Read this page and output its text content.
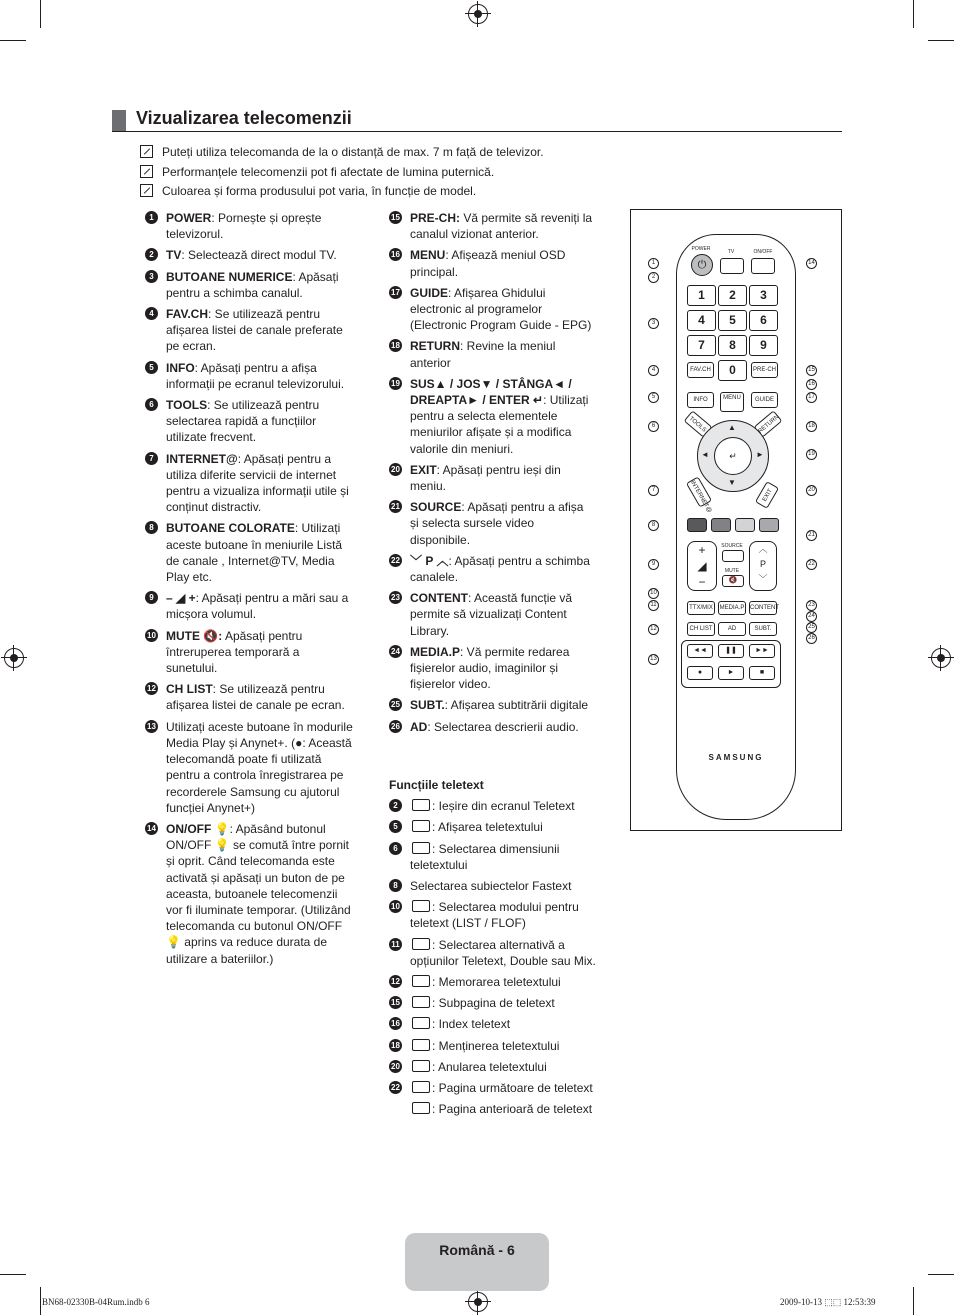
Vizualizarea telecomenzii
Puteți utiliza telecomanda de la o distanță de max. 7 m față de televizor.
Performanțele telecomenzii pot fi afectate de lumina puternică.
Culoarea și forma produsului pot varia, în funcție de model.
1	POWER: Pornește și oprește televizorul.
2	TV: Selectează direct modul TV.
3	BUTOANE NUMERICE: Apăsați pentru a schimba canalul.
4	FAV.CH: Se utilizează pentru afișarea listei de canale preferate pe ecran.
5	INFO: Apăsați pentru a afișa informații pe ecranul televizorului.
6	TOOLS: Se utilizează pentru selectarea rapidă a funcțiilor utilizate frecvent.
7	INTERNET@: Apăsați pentru a utiliza diferite servicii de internet pentru a vizualiza informații utile și conținut distractiv.
8	BUTOANE COLORATE: Utilizați aceste butoane în meniurile Listă de canale , Internet@TV, Media Play etc.
9	– ◢ +: Apăsați pentru a mări sau a micșora volumul.
10 MUTE 🔇: Apăsați pentru întreruperea temporară a sunetului.
12 CH LIST: Se utilizează pentru afișarea listei de canale pe ecran.
13 Utilizați aceste butoane în modurile Media Play și Anynet+. (●: Această telecomandă poate fi utilizată pentru a controla înregistrarea pe recorderele Samsung cu ajutorul funcției Anynet+)
14 ON/OFF 💡: Apăsând butonul ON/OFF 💡 se comută între pornit și oprit. Când telecomanda este activată și apăsați un buton de pe aceasta, butoanele telecomenzii vor fi iluminate temporar. (Utilizând telecomanda cu butonul ON/OFF 💡 aprins va reduce durata de utilizare a bateriilor.)
15 PRE-CH: Vă permite să reveniți la canalul vizionat anterior.
16 MENU: Afișează meniul OSD principal.
17 GUIDE: Afișarea Ghidului electronic al programelor (Electronic Program Guide - EPG)
18 RETURN: Revine la meniul anterior
19 SUS▲ / JOS▼ / STÂNGA◄ / DREAPTA► / ENTER ↵: Utilizați pentru a selecta elementele meniurilor afișate și a modifica valorile din meniuri.
20 EXIT: Apăsați pentru ieși din meniu.
21 SOURCE: Apăsați pentru a afișa și selecta sursele video disponibile.
22 ﹀ P ︿: Apăsați pentru a schimba canalele.
23 CONTENT: Această funcție vă permite să vizualizați Content Library.
24 MEDIA.P: Vă permite redarea fișierelor audio, imaginilor și fișierelor video.
25 SUBT.: Afișarea subtitrării digitale
26 AD: Selectarea descrierii audio.
Funcțiile teletext
2	: Ieșire din ecranul Teletext
5	: Afișarea teletextului
6	: Selectarea dimensiunii teletextului
8	Selectarea subiectelor Fastext
10	: Selectarea modului pentru teletext (LIST / FLOF)
11	: Selectarea alternativă a opțiunilor Teletext, Double sau Mix.
12	: Memorarea teletextului
15	: Subpagina de teletext
16	: Index teletext
18	: Menținerea teletextului
20	: Anularea teletextului
22	: Pagina următoare de teletext
: Pagina anterioară de teletext
POWER
⏻
TV	ON/OFF
1	2	3
4	5	6
7	8	9
FAV.CH	0	PRE-CH
INFO	MENU	GUIDE
TOOLS	RETURN
↵
▲
▼
◄	►
INTERNET@	EXIT
+
◢
−
SOURCE
MUTE
🔇
︿
P
﹀
TTX/MIX	MEDIA.P CONTENT
CH LIST	AD	SUBT.
◄◄	❚❚	►►
●	►	■
SAMSUNG
1
2
3
4
5
6
7
8
9
10
11
12
13
14
15
16
17
18
19
20
21
22
23
24
25
26
Română - 6
BN68-02330B-04Rum.indb 6	2009-10-13 ⬚⬚ 12:53:39
